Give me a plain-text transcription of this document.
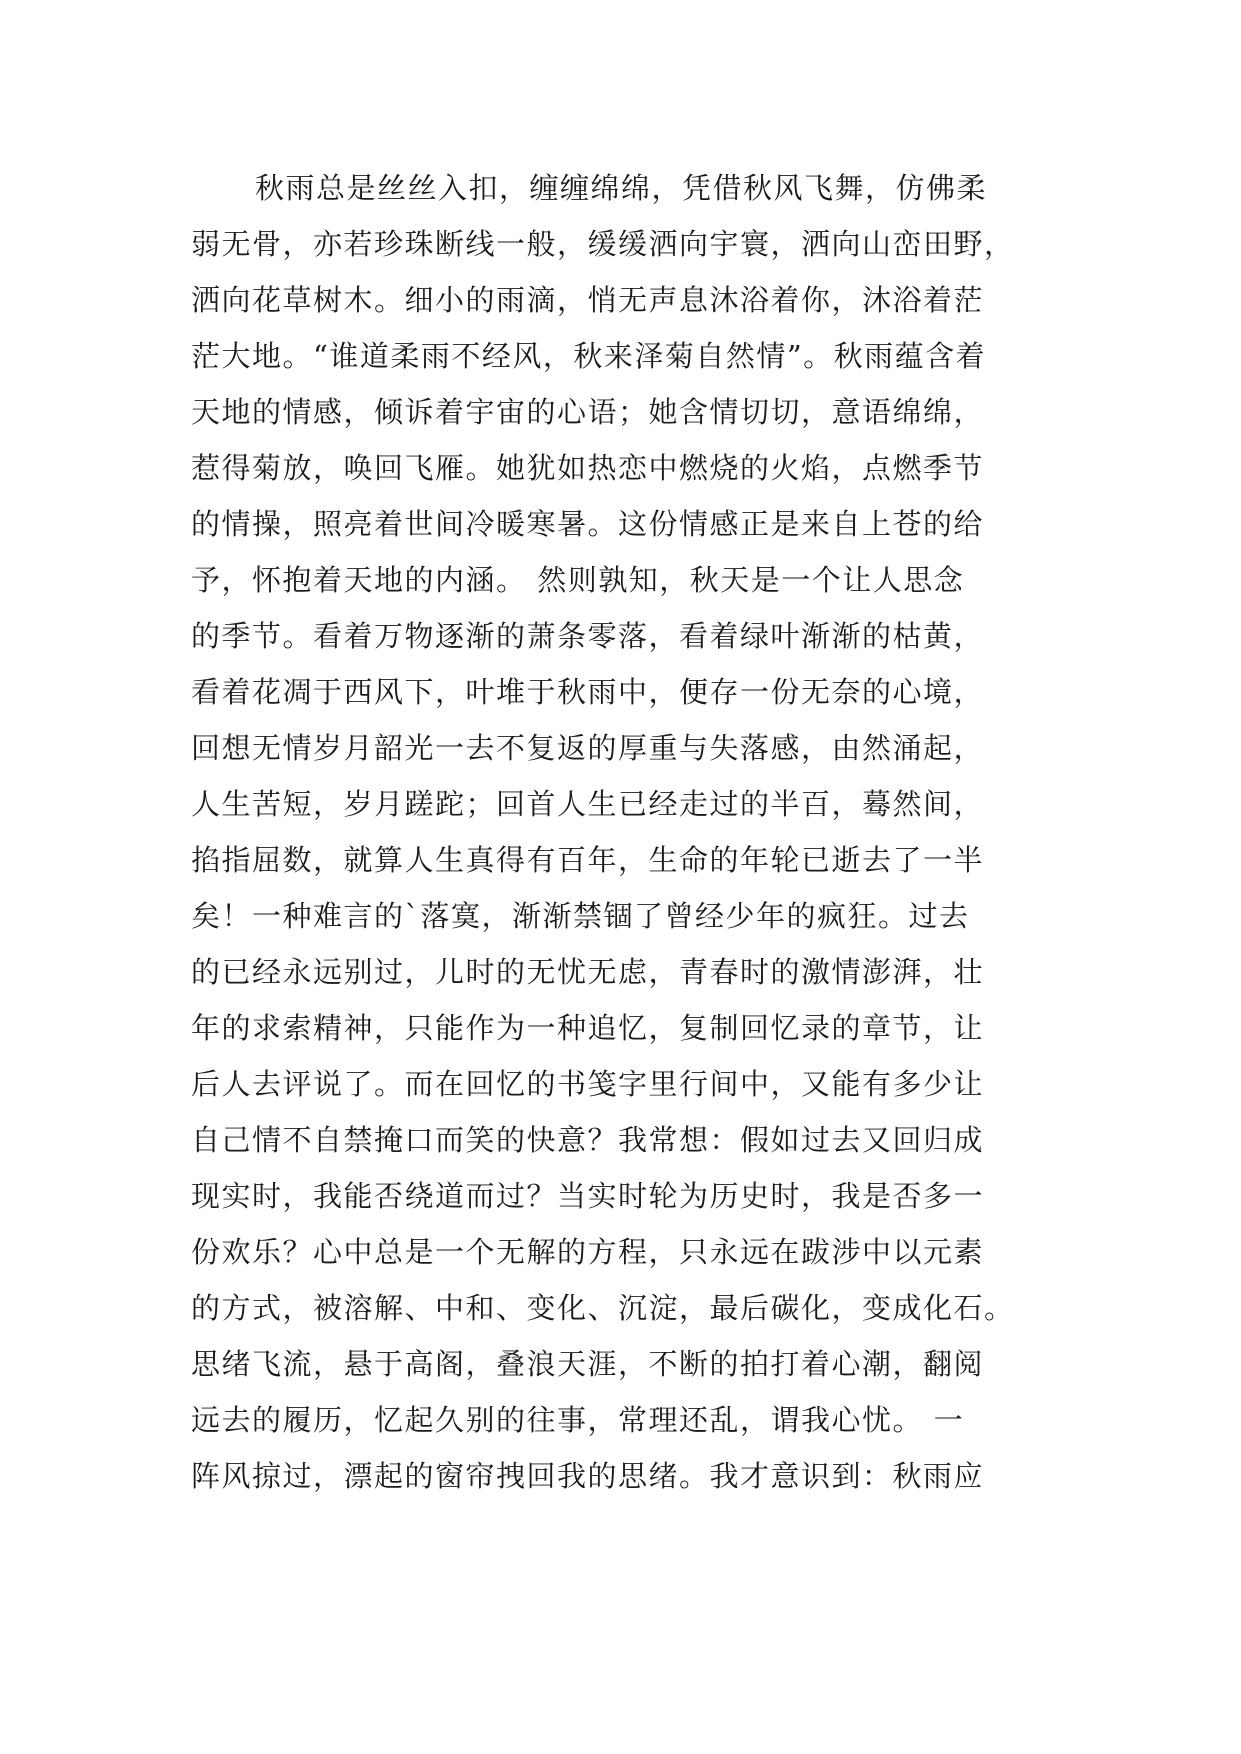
秋雨总是丝丝入扣，缠缠绵绵，凭借秋风飞舞，仿佛柔
弱无骨，亦若珍珠断线一般，缓缓洒向宇寰，洒向山峦田野，
洒向花草树木。细小的雨滴，悄无声息沐浴着你，沐浴着茫
茫大地。“谁道柔雨不经风，秋来泽菊自然情”。秋雨蕴含着
天地的情感，倾诉着宇宙的心语；她含情切切，意语绵绵，
惹得菊放，唤回飞雁。她犹如热恋中燃烧的火焰，点燃季节
的情操，照亮着世间冷暖寒暑。这份情感正是来自上苍的给
予，怀抱着天地的内涵。 然则孰知，秋天是一个让人思念
的季节。看着万物逐渐的萧条零落，看着绿叶渐渐的枯黄，
看着花凋于西风下，叶堆于秋雨中，便存一份无奈的心境，
回想无情岁月韶光一去不复返的厚重与失落感，由然涌起，
人生苦短，岁月蹉跎；回首人生已经走过的半百，蓦然间，
掐指屈数，就算人生真得有百年，生命的年轮已逝去了一半
矣！一种难言的`落寞，渐渐禁锢了曾经少年的疯狂。过去
的已经永远别过，儿时的无忧无虑，青春时的激情澎湃，壮
年的求索精神，只能作为一种追忆，复制回忆录的章节，让
后人去评说了。而在回忆的书笺字里行间中，又能有多少让
自己情不自禁掩口而笑的快意？我常想：假如过去又回归成
现实时，我能否绕道而过？当实时轮为历史时，我是否多一
份欢乐？心中总是一个无解的方程，只永远在跋涉中以元素
的方式，被溶解、中和、变化、沉淀，最后碳化，变成化石。
思绪飞流，悬于高阁，叠浪天涯，不断的拍打着心潮，翻阅
远去的履历，忆起久别的往事，常理还乱，谓我心忧。 一
阵风掠过，漂起的窗帘拽回我的思绪。我才意识到：秋雨应
